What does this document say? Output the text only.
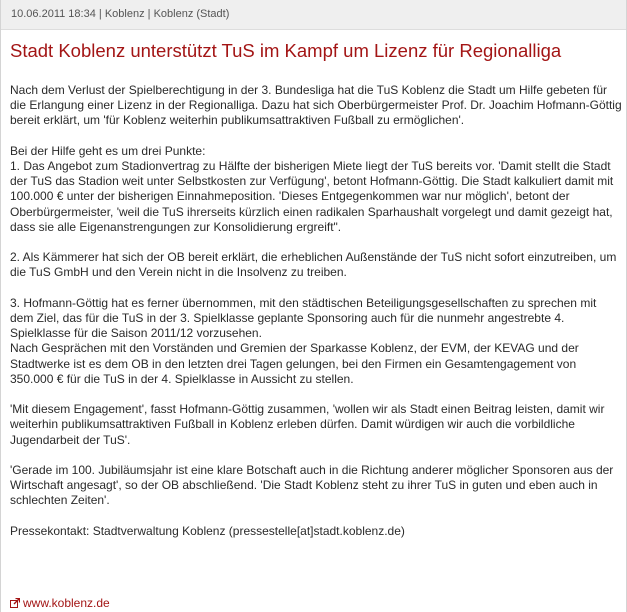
10.06.2011 18:34 | Koblenz | Koblenz (Stadt)
Stadt Koblenz unterstützt TuS im Kampf um Lizenz für Regionalliga

Nach dem Verlust der Spielberechtigung in der 3. Bundesliga hat die TuS Koblenz die Stadt um Hilfe gebeten für die Erlangung einer Lizenz in der Regionalliga. Dazu hat sich Oberbürgermeister Prof. Dr. Joachim Hofmann-Göttig bereit erklärt, um 'für Koblenz weiterhin publikumsattraktiven Fußball zu ermöglichen'.

Bei der Hilfe geht es um drei Punkte:

1. Das Angebot zum Stadionvertrag zu Hälfte der bisherigen Miete liegt der TuS bereits vor. 'Damit stellt die Stadt der TuS das Stadion weit unter Selbstkosten zur Verfügung', betont Hofmann-Göttig. Die Stadt kalkuliert damit mit 100.000 € unter der bisherigen Einnahmeposition. 'Dieses Entgegenkommen war nur möglich', betont der Oberbürgermeister, 'weil die TuS ihrerseits kürzlich einen radikalen Sparhaushalt vorgelegt und damit gezeigt hat, dass sie alle Eigenanstrengungen zur Konsolidierung ergreift".

2. Als Kämmerer hat sich der OB bereit erklärt, die erheblichen Außenstände der TuS nicht sofort einzutreiben, um die TuS GmbH und den Verein nicht in die Insolvenz zu treiben.

3. Hofmann-Göttig hat es ferner übernommen, mit den städtischen Beteiligungsgesellschaften zu sprechen mit dem Ziel, das für die TuS in der 3. Spielklasse geplante Sponsoring auch für die nunmehr angestrebte 4. Spielklasse für die Saison 2011/12 vorzusehen.

Nach Gesprächen mit den Vorständen und Gremien der Sparkasse Koblenz, der EVM, der KEVAG und der Stadtwerke ist es dem OB in den letzten drei Tagen gelungen, bei den Firmen ein Gesamtengagement von 350.000 € für die TuS in der 4. Spielklasse in Aussicht zu stellen.

'Mit diesem Engagement', fasst Hofmann-Göttig zusammen, 'wollen wir als Stadt einen Beitrag leisten, damit wir weiterhin publikumsattraktiven Fußball in Koblenz erleben dürfen. Damit würdigen wir auch die vorbildliche Jugendarbeit der TuS'.

'Gerade im 100. Jubiläumsjahr ist eine klare Botschaft auch in die Richtung anderer möglicher Sponsoren aus der Wirtschaft angesagt', so der OB abschließend. 'Die Stadt Koblenz steht zu ihrer TuS in guten und eben auch in schlechten Zeiten'.

Pressekontakt: Stadtverwaltung Koblenz (pressestelle[at]stadt.koblenz.de)

www.koblenz.de
